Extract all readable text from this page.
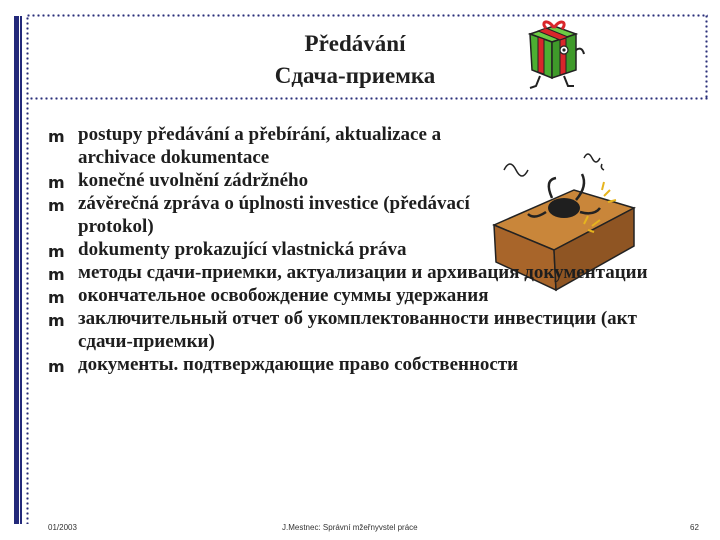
Předávání
Сдача-приемка
m postupy předávání a přebírání, aktualizace a archivace dokumentace
m konečné uvolnění zádržného
m závěrečná zpráva o úplnosti investice (předávací protokol)
m dokumenty prokazující vlastnická práva
m методы сдачи-приемки, актуализации и архивация документации
m окончательное освобождение суммы удержания
m заключительный отчет об укомплектованности инвестиции (акт сдачи-приемки)
m документы. подтверждающие право собственности
01/2003	J.Mestnec: Správní mžeřnyvstel práce	62
